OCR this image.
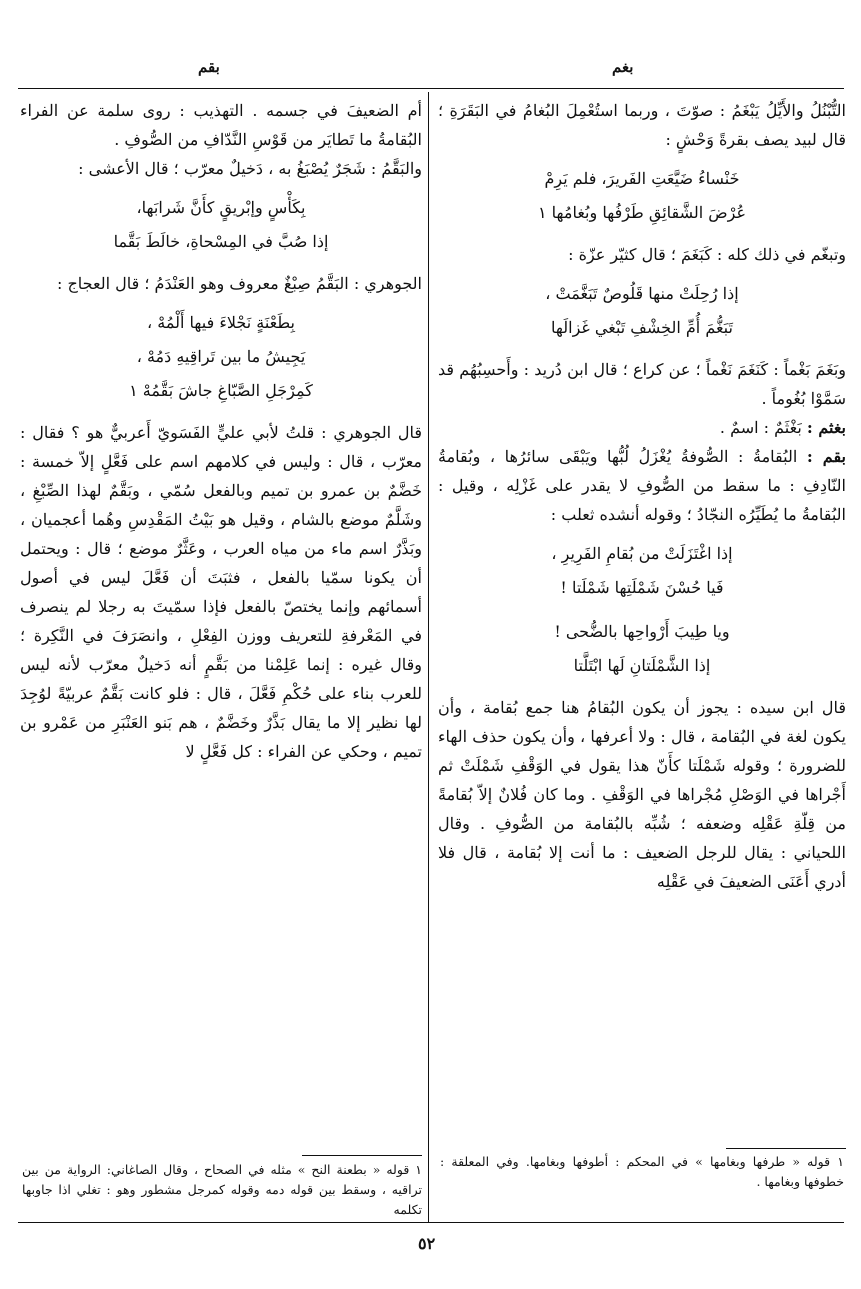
بغم
بقم

التُّبْنُلُ والأَيِّلُ يَبْغَمُ : صوّتَ ، وربما استُعْمِلَ البُغامُ في البَقَرَةِ ؛ قال لبيد يصف بقرةً وَحْشٍ :

خَنْساءُ ضَيَّعَتِ الفَريرَ، فلم يَرِمْ
عُرْضَ الشَّقائِقِ طَرْفُها وبُغامُها ١

وتبغّم في ذلك كله : كَبَغَمَ ؛ قال كثيّر عزّة :

إذا رُحِلَتْ منها قَلُوصٌ تَبَغَّمَتْ ،
تَبَغُّمَ أُمِّ الخِشْفِ تَبْغي غَزالَها

وبَغَمَ بَغْماً : كَنَغَمَ نَغْماً ؛ عن كراع ؛ قال ابن دُريد : وأَحسِبُهُم قد سَمَّوْا بُغُوماً .

بغثم : بَغْثَمٌ : اسمٌ .

بقم : البُقامةُ : الصُّوفةُ يُغْزَلُ لُبُّها ويَبْقَى سائرُها ، وبُقامةُ النّادِفِ : ما سقط من الصُّوفِ لا يقدر على غَزْلِه ، وقيل : البُقامةُ ما يُطَيِّرُه النجّادُ ؛ وقوله أنشده ثعلب :

إذا اغْتَزَلَتْ من بُقامِ الفَرِيرِ ،
فَيا حُسْنَ شَمْلَتِها شَمْلَتا !
ويا طِيبَ أَرْواحِها بالضُّحى !
إذا الشَّمْلَتانِ لَها ابْتَلَّتا

قال ابن سيده : يجوز أن يكون البُقامُ هنا جمع بُقامة ، وأن يكون لغة في البُقامة ، قال : ولا أعرفها ، وأن يكون حذف الهاء للضرورة ؛ وقوله شَمْلَتا كأَنّ هذا يقول في الوَقْفِ شَمْلَتْ ثم أَجْراها في الوَصْلِ مُجْراها في الوَقْفِ . وما كان فُلانٌ إلاّ بُقامةً من قِلّةِ عَقْلِه وضعفه ؛ شُبِّه بالبُقامة من الصُّوفِ . وقال اللحياني : يقال للرجل الضعيف : ما أنت إلا بُقامة ، قال فلا أدري أَعَنَى الضعيفَ في عَقْلِه

أم الضعيفَ في جسمه . التهذيب : روى سلمة عن الفراء البُقامةُ ما تَطايَر من قَوْسِ النَّدّافِ من الصُّوفِ .

والبَقَّمُ : شَجَرٌ يُصْبَغُ به ، دَخيلٌ معرّب ؛ قال الأعشى :

بِكَأْسٍ وإبْريقٍ كأَنَّ شَرابَها،
إذا صُبَّ في المِسْحاةِ، خالَطَ بَقَّما

الجوهري : البَقَّمُ صِبْغٌ معروف وهو العَنْدَمُ ؛ قال العجاج :

بِطَعْنَةٍ نَجْلاءَ فيها أَلْمُهْ ،
يَجِيشُ ما بين تَراقِيهِ دَمُهْ ،
كَمِرْجَلِ الصَّبّاغِ جاشَ بَقَّمُهْ ١

قال الجوهري : قلتُ لأبي عليٍّ الفَسَويّ أَعربيٌّ هو ؟ فقال : معرّب ، قال : وليس في كلامهم اسم على فَعَّلٍ إلاّ خمسة : خَضَّمٌ بن عمرو بن تميم وبالفعل سُمّي ، وبَقَّمٌ لهذا الصِّبْغِ ، وشَلَّمٌ موضع بالشام ، وقيل هو بَيْتُ المَقْدِسِ وهُما أعجميان ، وبَذَّرٌ اسم ماء من مياه العرب ، وعَثَّرٌ موضع ؛ قال : ويحتمل أن يكونا سمّيا بالفعل ، فثبَتَ أن فَعَّلَ ليس في أصول أسمائهم وإنما يختصّ بالفعل فإذا سمّيتَ به رجلا لم ينصرف في المَعْرفةِ للتعريف ووزن الفِعْلِ ، وانصَرَفَ في النَّكِرة ؛ وقال غيره : إنما عَلِمْنا من بَقَّمٍ أنه دَخيلٌ معرّب لأنه ليس للعرب بناء على حُكْمِ فَعَّلَ ، قال : فلو كانت بَقَّمٌ عربيّةً لوُجِدَ لها نظير إلا ما يقال بَذَّرٌ وخَضَّمٌ ، هم بَنو العَنْبَرِ من عَمْرو بن تميم ، وحكي عن الفراء : كل فَعَّلٍ لا

١ قوله « طرفها وبغامها » في المحكم : أطوفها وبغامها. وفي المعلقة : خطوفها وبغامها .
١ قوله « بطعنة النح » مثله في الصحاح ، وقال الصاغاني: الرواية من بين تراقيه ، وسقط بين قوله دمه وقوله كمرجل مشطور وهو : تغلي اذا جاوبها تكلمه
٥٢
